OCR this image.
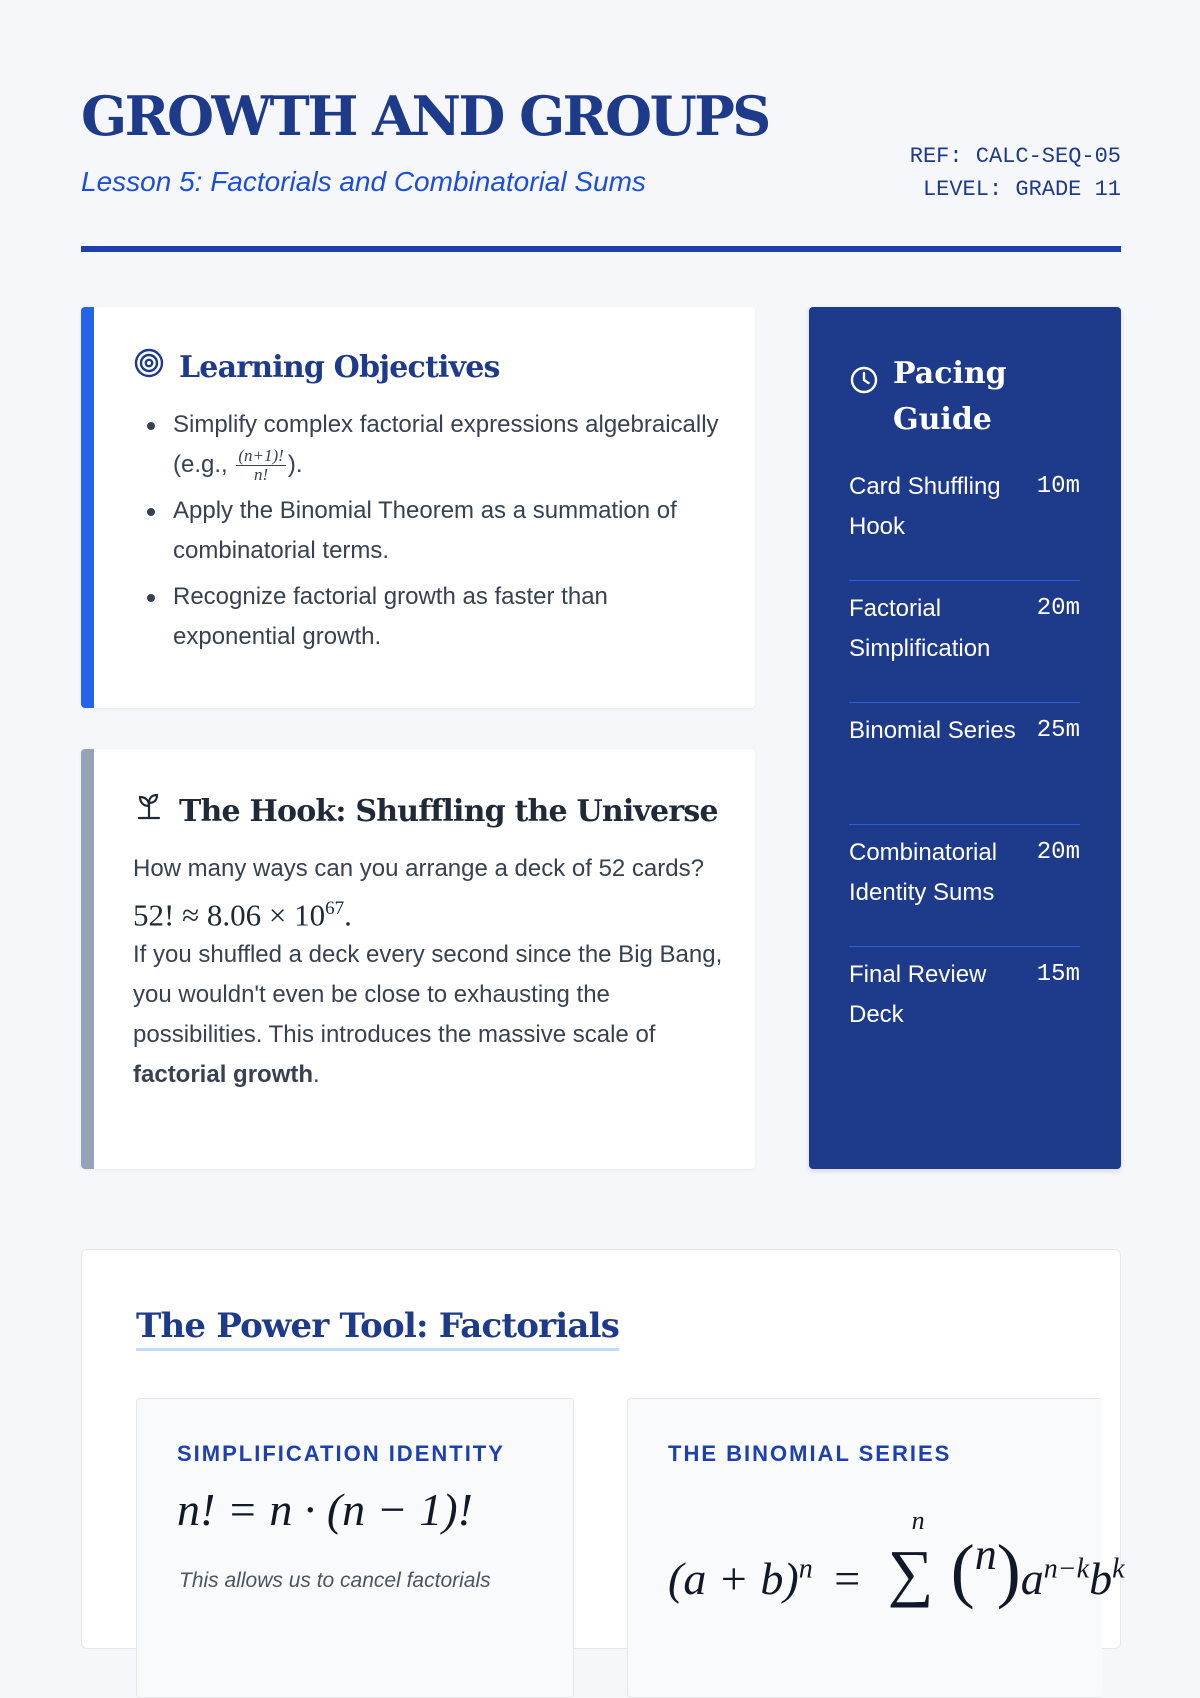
GROWTH AND GROUPS
Lesson 5: Factorials and Combinatorial Sums
REF: CALC-SEQ-05
LEVEL: GRADE 11
Learning Objectives
Simplify complex factorial expressions algebraically (e.g., $\frac{(n+1)!}{n!}$ ).
Apply the Binomial Theorem as a summation of combinatorial terms.
Recognize factorial growth as faster than exponential growth.
The Hook: Shuffling the Universe
How many ways can you arrange a deck of 52 cards?
52! ≈ $8.06 \times 10^{67}$.
If you shuffled a deck every second since the Big Bang, you wouldn't even be close to exhausting the possibilities. This introduces the massive scale of factorial growth.
Pacing Guide
Card Shuffling Hook
10m
Factorial Simplification
20m
Binomial Series 25m
Combinatorial Identity Sums
20m
Final Review Deck
15m
The Power Tool: Factorials
SIMPLIFICATION IDENTITY
n! = n · (n − 1)!
This allows us to cancel factorials
THE BINOMIAL SERIES
$(a + b)^n$ =
n
∑ $(^n)a^{n-k}b^k$
